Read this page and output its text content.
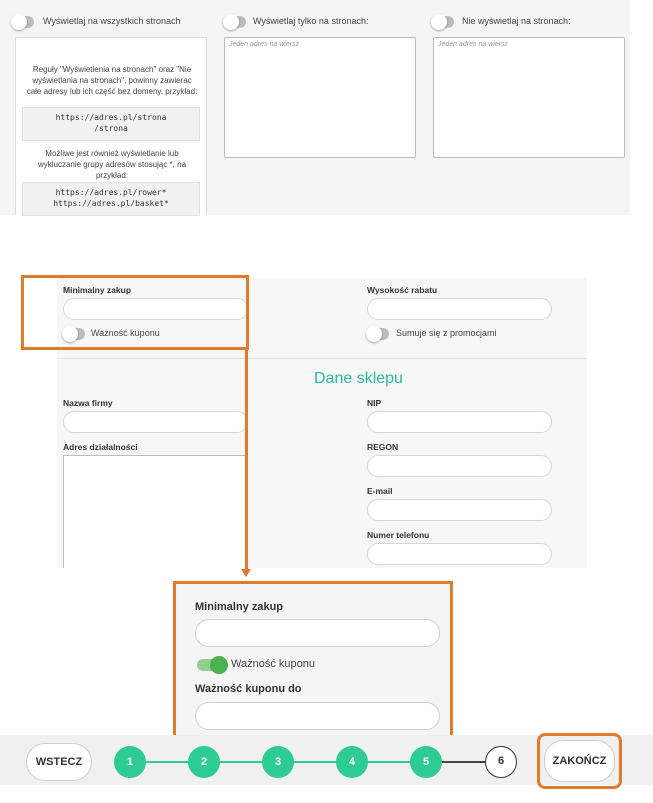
Wyświetlaj na wszystkich stronach	Wyświetlaj tylko na stronach:	Nie wyświetlaj na stronach:
Reguły "Wyświetlenia na stronach" oraz "Nie wyświetlania na stronach", powinny zawierac całe adresy lub ich część bez domeny, przykład:
https://adres.pl/strona
/strona
Możliwe jest również wyświetlanie lub wykluczanie grupy adresów stosując *, na przykład:
https://adres.pl/rower*
https://adres.pl/basket*
Jeden adres na wiersz	Jeden adres na wiersz
Minimalny zakup
Ważność kuponu
Wysokość rabatu
Sumuje się z promocjami
Dane sklepu
Nazwa firmy
Adres działalności
NIP
REGON
E-mail
Numer telefonu
Minimalny zakup
Ważność kuponu
Ważność kuponu do
WSTECZ	1	2	3	4	5	6	ZAKOŃCZ
